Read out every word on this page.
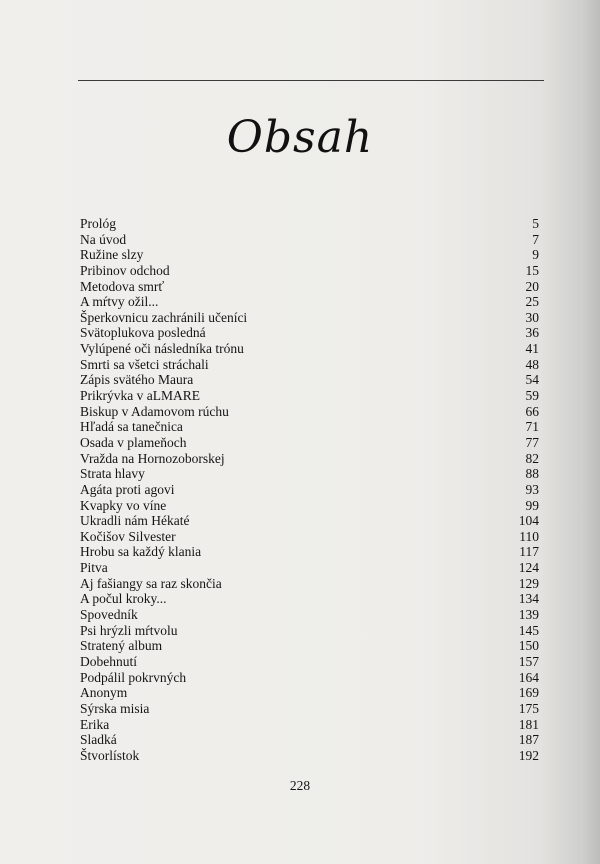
Obsah
Prológ	5
Na úvod	7
Ružine slzy	9
Pribinov odchod	15
Metodova smrť	20
A mŕtvy ožil...	25
Šperkovnicu zachránili učeníci	30
Svätoplukova posledná	36
Vylúpené oči následníka trónu	41
Smrti sa všetci stráchali	48
Zápis svätého Maura	54
Prikrývka v aLMARE	59
Biskup v Adamovom rúchu	66
Hľadá sa tanečnica	71
Osada v plameňoch	77
Vražda na Hornozoborskej	82
Strata hlavy	88
Agáta proti agovi	93
Kvapky vo víne	99
Ukradli nám Hékaté	104
Kočišov Silvester	110
Hrobu sa každý klania	117
Pitva	124
Aj fašiangy sa raz skončia	129
A počul kroky...	134
Spovedník	139
Psi hrýzli mŕtvolu	145
Stratený album	150
Dobehnutí	157
Podpálil pokrvných	164
Anonym	169
Sýrska misia	175
Erika	181
Sladká	187
Štvorlístok	192
228
